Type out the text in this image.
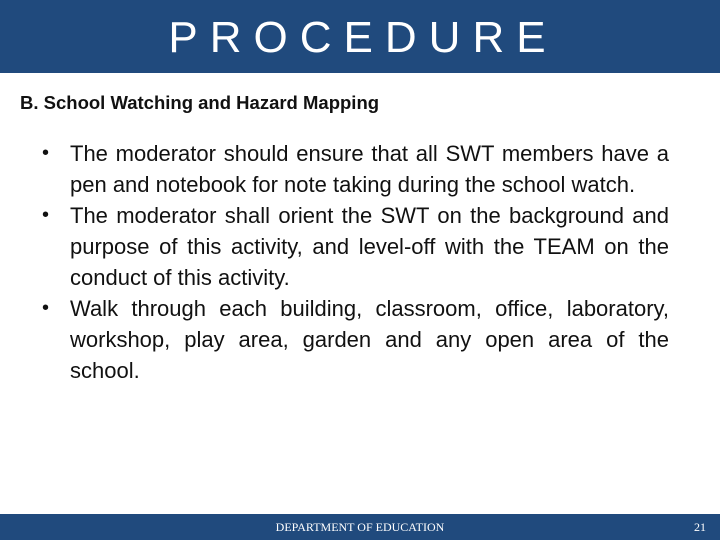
PROCEDURE
B. School Watching and Hazard Mapping
• The moderator should ensure that all SWT members have a pen and notebook for note taking during the school watch.
• The moderator shall orient the SWT on the background and purpose of this activity, and level-off with the TEAM on the conduct of this activity.
• Walk through each building, classroom, office, laboratory, workshop, play area, garden and any open area of the school.
DEPARTMENT OF EDUCATION	21
